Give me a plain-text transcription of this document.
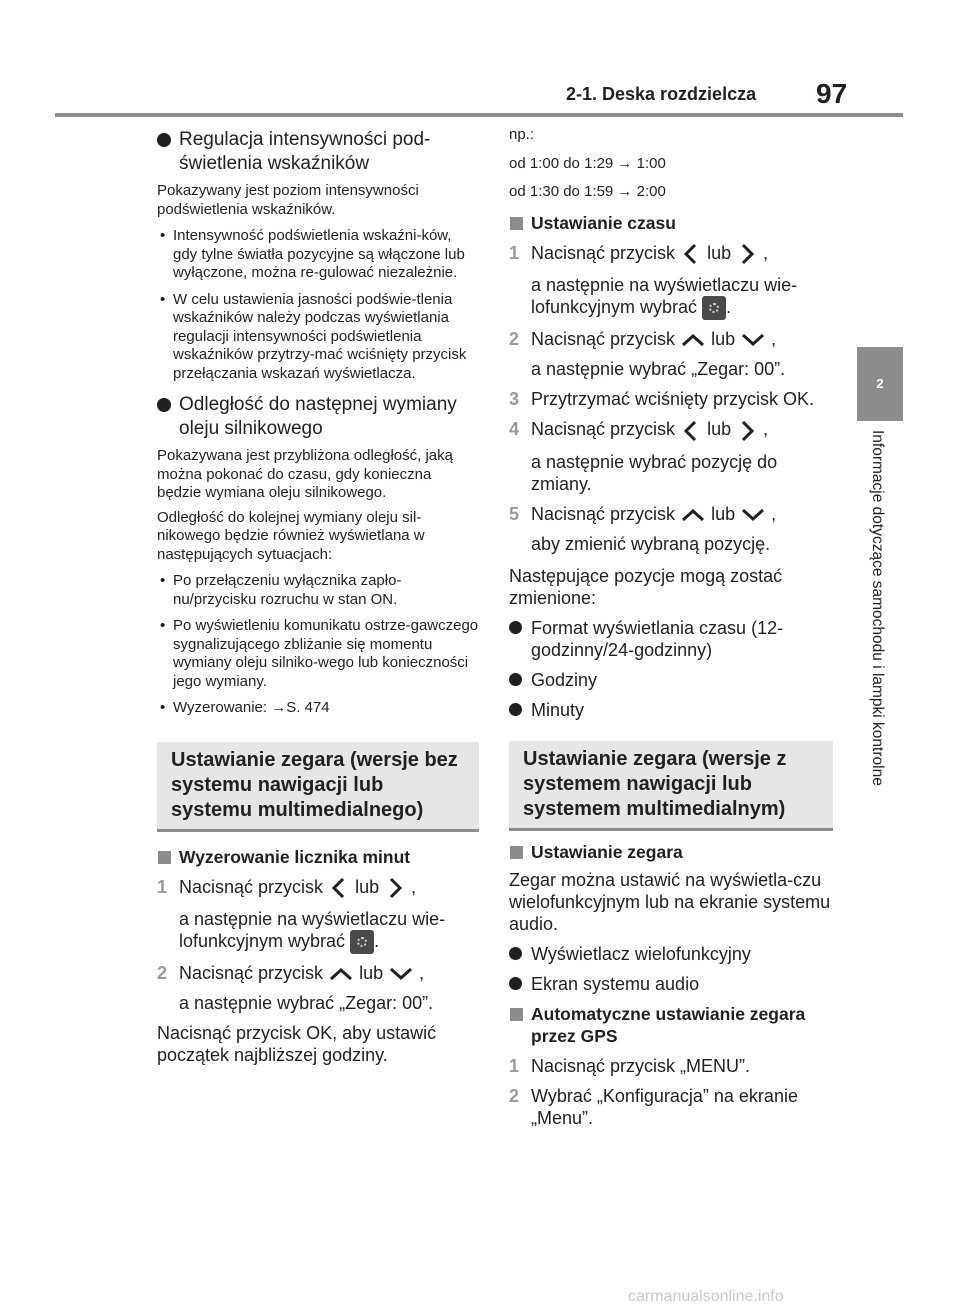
2-1. Deska rozdzielcza 97
2
Informacje dotyczące samochodu i lampki kontrolne
Regulacja intensywności pod-świetlenia wskaźników
Pokazywany jest poziom intensywności podświetlenia wskaźników.
• Intensywność podświetlenia wskaźni-ków, gdy tylne światła pozycyjne są włączone lub wyłączone, można re-gulować niezależnie.
• W celu ustawienia jasności podświe-tlenia wskaźników należy podczas wyświetlania regulacji intensywności podświetlenia wskaźników przytrzy-mać wciśnięty przycisk przełączania wskazań wyświetlacza.
Odległość do następnej wymiany oleju silnikowego
Pokazywana jest przybliżona odległość, jaką można pokonać do czasu, gdy konieczna będzie wymiana oleju silnikowego.
Odległość do kolejnej wymiany oleju sil-nikowego będzie również wyświetlana w następujących sytuacjach:
• Po przełączeniu wyłącznika zapło-nu/przycisku rozruchu w stan ON.
• Po wyświetleniu komunikatu ostrze-gawczego sygnalizującego zbliżanie się momentu wymiany oleju silniko-wego lub konieczności jego wymiany.
• Wyzerowanie: →S. 474
Ustawianie zegara (wersje bez systemu nawigacji lub systemu multimedialnego)
Wyzerowanie licznika minut
1 Nacisnąć przycisk lub ,
a następnie na wyświetlaczu wie-lofunkcyjnym wybrać .
2 Nacisnąć przycisk lub ,
a następnie wybrać „Zegar: 00”.
Nacisnąć przycisk OK, aby ustawić początek najbliższej godziny.
np.:
od 1:00 do 1:29 → 1:00
od 1:30 do 1:59 → 2:00
Ustawianie czasu
1 Nacisnąć przycisk lub ,
a następnie na wyświetlaczu wie-lofunkcyjnym wybrać .
2 Nacisnąć przycisk lub ,
a następnie wybrać „Zegar: 00”.
3 Przytrzymać wciśnięty przycisk OK.
4 Nacisnąć przycisk lub ,
a następnie wybrać pozycję do zmiany.
5 Nacisnąć przycisk lub ,
aby zmienić wybraną pozycję.
Następujące pozycje mogą zostać zmienione:
Format wyświetlania czasu (12-godzinny/24-godzinny)
Godziny
Minuty
Ustawianie zegara (wersje z systemem nawigacji lub systemem multimedialnym)
Ustawianie zegara
Zegar można ustawić na wyświetla-czu wielofunkcyjnym lub na ekranie systemu audio.
Wyświetlacz wielofunkcyjny
Ekran systemu audio
Automatyczne ustawianie zegara przez GPS
1 Nacisnąć przycisk „MENU”.
2 Wybrać „Konfiguracja” na ekranie „Menu”.
carmanualsonline.info
